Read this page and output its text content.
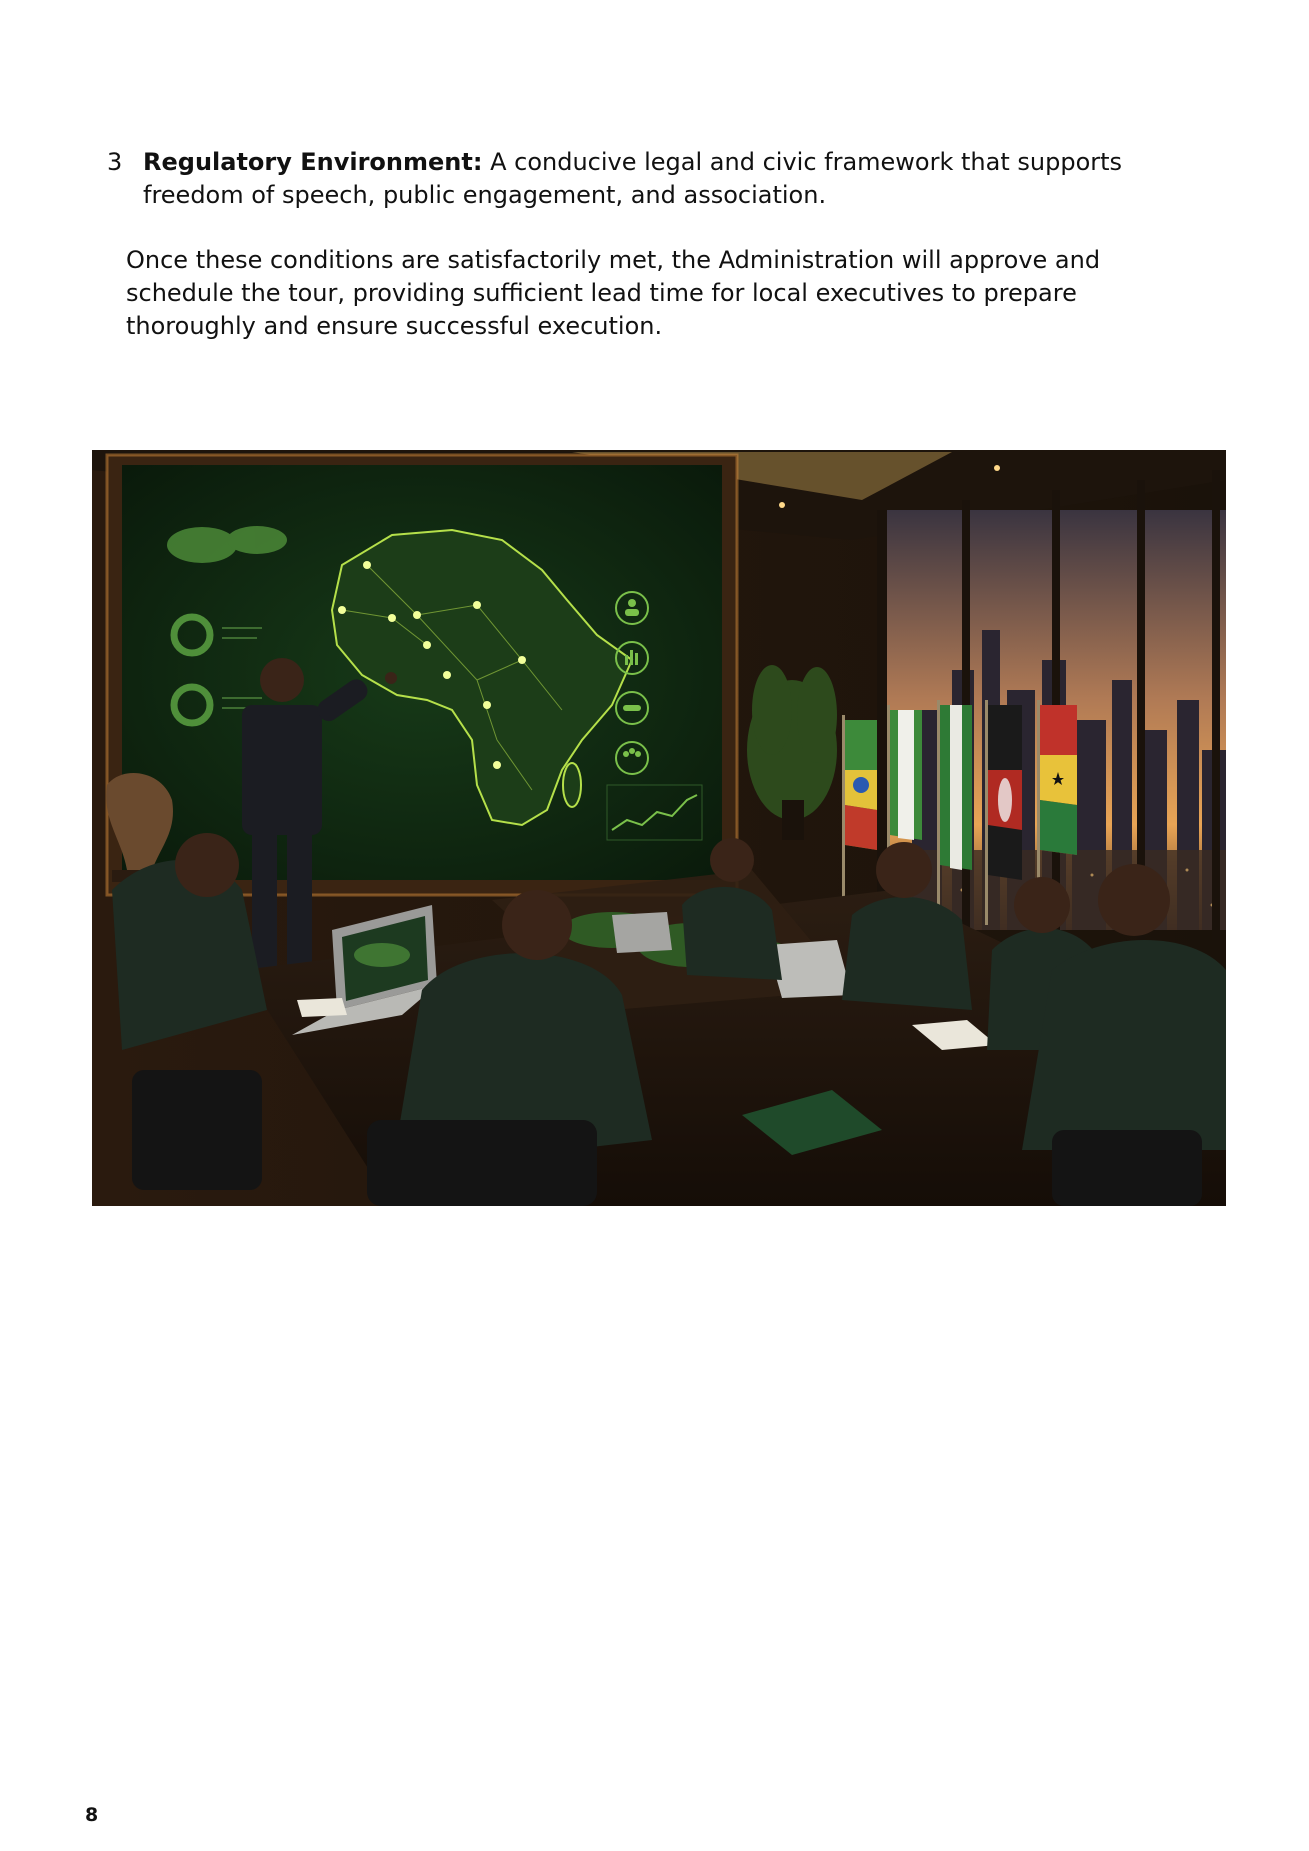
3 Regulatory Environment: A conducive legal and civic framework that supports freedom of speech, public engagement, and association.

Once these conditions are satisfactorily met, the Administration will approve and schedule the tour, providing sufficient lead time for local executives to prepare thoroughly and ensure successful execution.

8
